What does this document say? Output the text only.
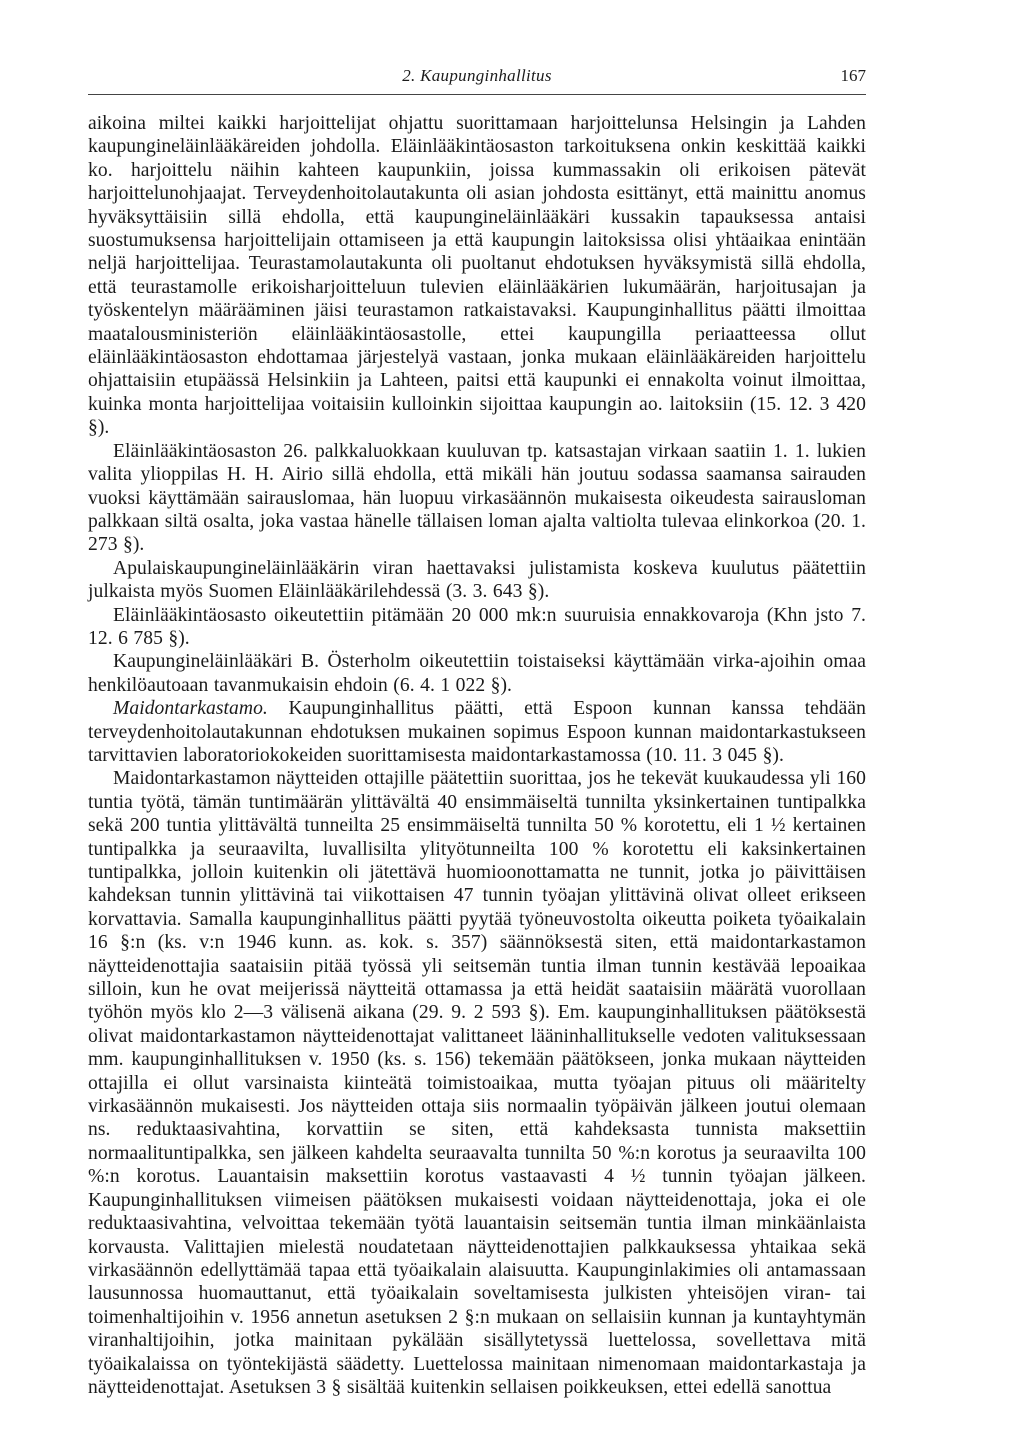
2. Kaupunginhallitus	167

aikoina miltei kaikki harjoittelijat ohjattu suorittamaan harjoittelunsa Helsingin ja Lahden kaupungineläinlääkäreiden johdolla. Eläinlääkintäosaston tarkoituksena onkin keskittää kaikki ko. harjoittelu näihin kahteen kaupunkiin, joissa kummassakin oli erikoisen pätevät harjoittelunohjaajat. Terveydenhoitolautakunta oli asian johdosta esittänyt, että mainittu anomus hyväksyttäisiin sillä ehdolla, että kaupungineläinlääkäri kussakin tapauksessa antaisi suostumuksensa harjoittelijain ottamiseen ja että kaupungin laitoksissa olisi yhtäaikaa enintään neljä harjoittelijaa. Teurastamolautakunta oli puoltanut ehdotuksen hyväksymistä sillä ehdolla, että teurastamolle erikoisharjoitteluun tulevien eläinlääkärien lukumäärän, harjoitusajan ja työskentelyn määrääminen jäisi teurastamon ratkaistavaksi. Kaupunginhallitus päätti ilmoittaa maatalousministeriön eläinlääkintäosastolle, ettei kaupungilla periaatteessa ollut eläinlääkintäosaston ehdottamaa järjestelyä vastaan, jonka mukaan eläinlääkäreiden harjoittelu ohjattaisiin etupäässä Helsinkiin ja Lahteen, paitsi että kaupunki ei ennakolta voinut ilmoittaa, kuinka monta harjoittelijaa voitaisiin kulloinkin sijoittaa kaupungin ao. laitoksiin (15. 12. 3 420 §).

Eläinlääkintäosaston 26. palkkaluokkaan kuuluvan tp. katsastajan virkaan saatiin 1. 1. lukien valita ylioppilas H. H. Airio sillä ehdolla, että mikäli hän joutuu sodassa saamansa sairauden vuoksi käyttämään sairauslomaa, hän luopuu virkasäännön mukaisesta oikeudesta sairausloman palkkaan siltä osalta, joka vastaa hänelle tällaisen loman ajalta valtiolta tulevaa elinkorkoa (20. 1. 273 §).

Apulaiskaupungineläinlääkärin viran haettavaksi julistamista koskeva kuulutus päätettiin julkaista myös Suomen Eläinlääkärilehdessä (3. 3. 643 §).

Eläinlääkintäosasto oikeutettiin pitämään 20 000 mk:n suuruisia ennakkovaroja (Khn jsto 7. 12. 6 785 §).

Kaupungineläinlääkäri B. Österholm oikeutettiin toistaiseksi käyttämään virka-ajoihin omaa henkilöautoaan tavanmukaisin ehdoin (6. 4. 1 022 §).

Maidontarkastamo. Kaupunginhallitus päätti, että Espoon kunnan kanssa tehdään terveydenhoitolautakunnan ehdotuksen mukainen sopimus Espoon kunnan maidontarkastukseen tarvittavien laboratoriokokeiden suorittamisesta maidontarkastamossa (10. 11. 3 045 §).

Maidontarkastamon näytteiden ottajille päätettiin suorittaa, jos he tekevät kuukaudessa yli 160 tuntia työtä, tämän tuntimäärän ylittävältä 40 ensimmäiseltä tunnilta yksinkertainen tuntipalkka sekä 200 tuntia ylittävältä tunneilta 25 ensimmäiseltä tunnilta 50 % korotettu, eli 1 ½ kertainen tuntipalkka ja seuraavilta, luvallisilta ylityötunneilta 100 % korotettu eli kaksinkertainen tuntipalkka, jolloin kuitenkin oli jätettävä huomioonottamatta ne tunnit, jotka jo päivittäisen kahdeksan tunnin ylittävinä tai viikottaisen 47 tunnin työajan ylittävinä olivat olleet erikseen korvattavia. Samalla kaupunginhallitus päätti pyytää työneuvostolta oikeutta poiketa työaikalain 16 §:n (ks. v:n 1946 kunn. as. kok. s. 357) säännöksestä siten, että maidontarkastamon näytteidenottajia saataisiin pitää työssä yli seitsemän tuntia ilman tunnin kestävää lepoaikaa silloin, kun he ovat meijerissä näytteitä ottamassa ja että heidät saataisiin määrätä vuorollaan työhön myös klo 2—3 välisenä aikana (29. 9. 2 593 §). Em. kaupunginhallituksen päätöksestä olivat maidontarkastamon näytteidenottajat valittaneet lääninhallitukselle vedoten valituksessaan mm. kaupunginhallituksen v. 1950 (ks. s. 156) tekemään päätökseen, jonka mukaan näytteiden ottajilla ei ollut varsinaista kiinteätä toimistoaikaa, mutta työajan pituus oli määritelty virkasäännön mukaisesti. Jos näytteiden ottaja siis normaalin työpäivän jälkeen joutui olemaan ns. reduktaasivahtina, korvattiin se siten, että kahdeksasta tunnista maksettiin normaalituntipalkka, sen jälkeen kahdelta seuraavalta tunnilta 50 %:n korotus ja seuraavilta 100 %:n korotus. Lauantaisin maksettiin korotus vastaavasti 4 ½ tunnin työajan jälkeen. Kaupunginhallituksen viimeisen päätöksen mukaisesti voidaan näytteidenottaja, joka ei ole reduktaasivahtina, velvoittaa tekemään työtä lauantaisin seitsemän tuntia ilman minkäänlaista korvausta. Valittajien mielestä noudatetaan näytteidenottajien palkkauksessa yhtaikaa sekä virkasäännön edellyttämää tapaa että työaikalain alaisuutta. Kaupunginlakimies oli antamassaan lausunnossa huomauttanut, että työaikalain soveltamisesta julkisten yhteisöjen viran- tai toimenhaltijoihin v. 1956 annetun asetuksen 2 §:n mukaan on sellaisiin kunnan ja kuntayhtymän viranhaltijoihin, jotka mainitaan pykälään sisällytetyssä luettelossa, sovellettava mitä työaikalaissa on työntekijästä säädetty. Luettelossa mainitaan nimenomaan maidontarkastaja ja näytteidenottajat. Asetuksen 3 § sisältää kuitenkin sellaisen poikkeuksen, ettei edellä sanottua
